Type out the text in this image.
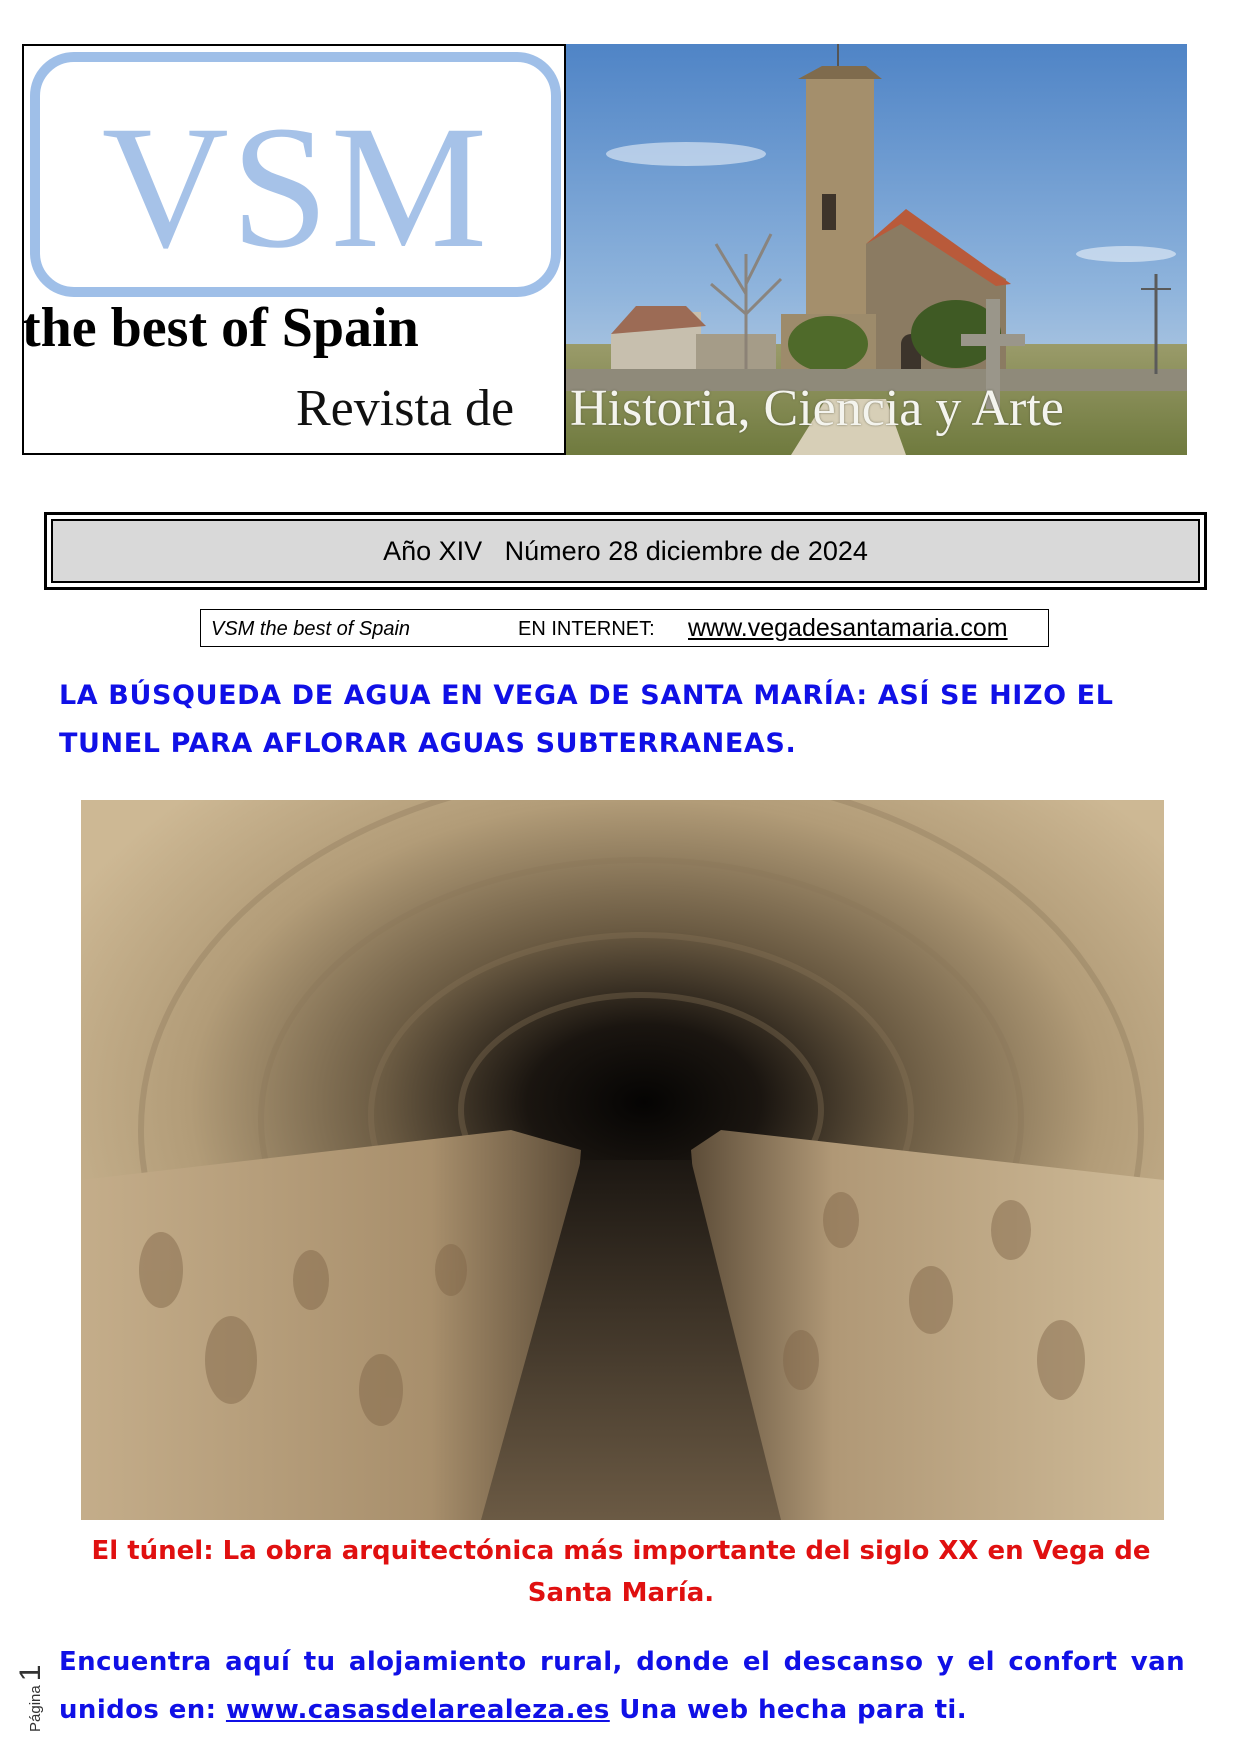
VSM
the best of Spain
Revista de Historia, Ciencia y Arte
Año XIV
Número 28 diciembre de 2024
VSM the best of Spain	EN INTERNET: www.vegadesantamaria.com
LA BÚSQUEDA DE AGUA EN VEGA DE SANTA MARÍA: ASÍ SE HIZO EL TUNEL PARA AFLORAR AGUAS SUBTERRANEAS.
El túnel: La obra arquitectónica más importante del siglo XX en Vega de Santa María.
Encuentra aquí tu alojamiento rural, donde el descanso y el confort van unidos en: www.casasdelarealeza.es Una web hecha para ti.
Página1
